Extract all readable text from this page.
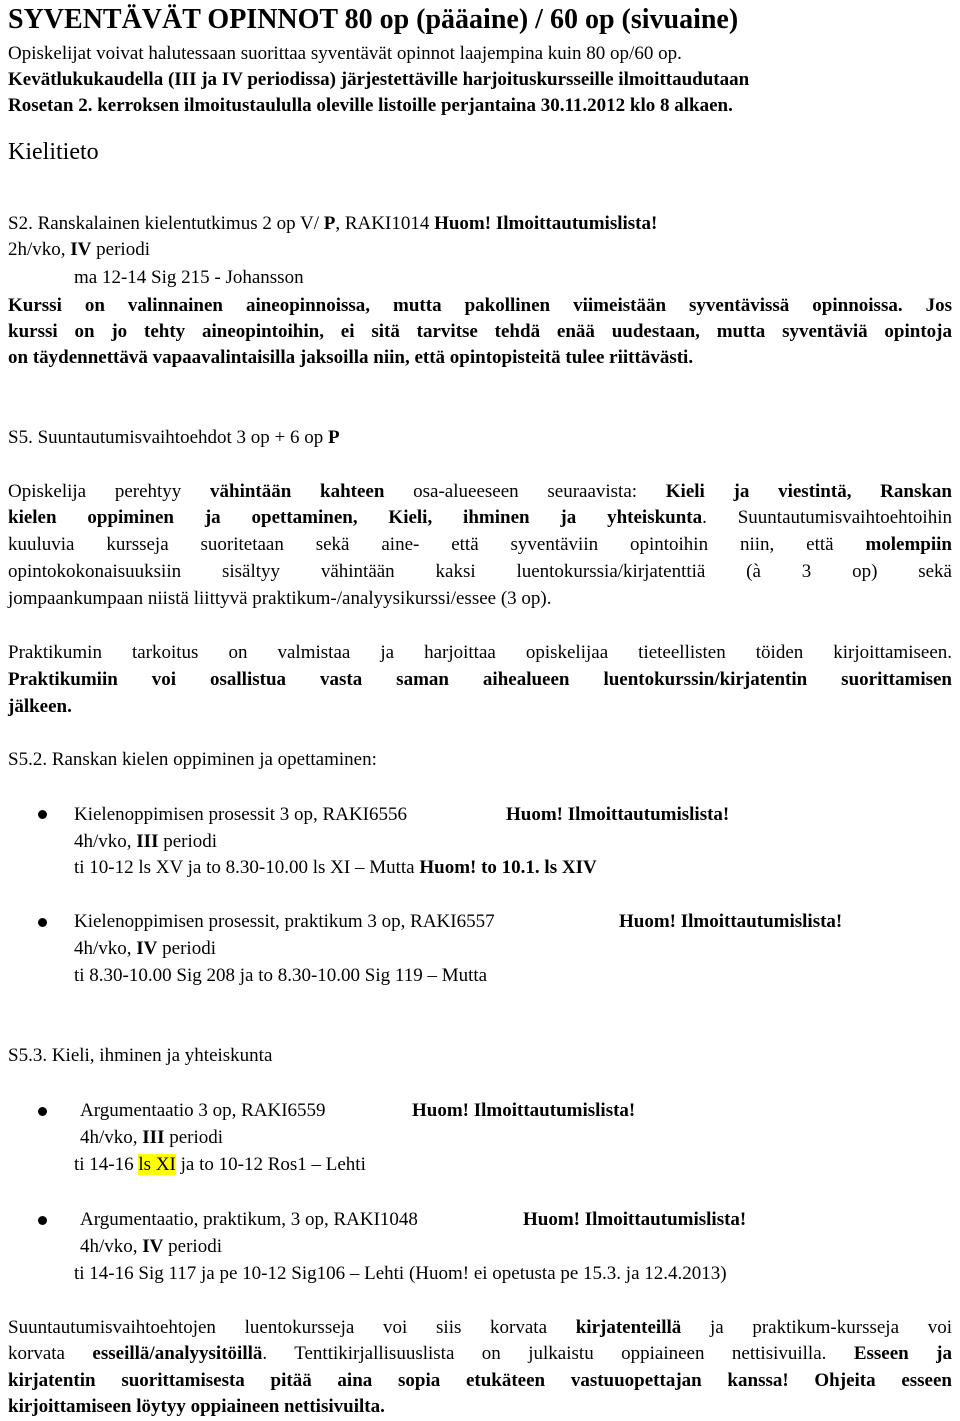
SYVENTÄVÄT OPINNOT 80 op (pääaine) / 60 op (sivuaine)
Opiskelijat voivat halutessaan suorittaa syventävät opinnot laajempina kuin 80 op/60 op.
Kevätlukukaudella (III ja IV periodissa) järjestettäville harjoituskursseille ilmoittaudutaan
Rosetan 2. kerroksen ilmoitustaululla oleville listoille perjantaina 30.11.2012 klo 8 alkaen.
Kielitieto
S2. Ranskalainen kielentutkimus 2 op V/ P, RAKI1014 Huom! Ilmoittautumislista!
2h/vko, IV periodi
ma 12-14 Sig 215 - Johansson
Kurssi on valinnainen aineopinnoissa, mutta pakollinen viimeistään syventävissä opinnoissa. Jos
kurssi on jo tehty aineopintoihin, ei sitä tarvitse tehdä enää uudestaan, mutta syventäviä opintoja
on täydennettävä vapaavalintaisilla jaksoilla niin, että opintopisteitä tulee riittävästi.
S5. Suuntautumisvaihtoehdot 3 op + 6 op P
Opiskelija perehtyy vähintään kahteen osa-alueeseen seuraavista: Kieli ja viestintä, Ranskan
kielen oppiminen ja opettaminen, Kieli, ihminen ja yhteiskunta. Suuntautumisvaihtoehtoihin
kuuluvia kursseja suoritetaan sekä aine- että syventäviin opintoihin niin, että molempiin
opintokokonaisuuksiin sisältyy vähintään kaksi luentokurssia/kirjatenttiä (à 3 op) sekä
jompaankumpaan niistä liittyvä praktikum-/analyysikurssi/essee (3 op).
Praktikumin tarkoitus on valmistaa ja harjoittaa opiskelijaa tieteellisten töiden kirjoittamiseen.
Praktikumiin voi osallistua vasta saman aihealueen luentokurssin/kirjatentin suorittamisen
jälkeen.
S5.2. Ranskan kielen oppiminen ja opettaminen:
Kielenoppimisen prosessit 3 op, RAKI6556	Huom! Ilmoittautumislista!
4h/vko, III periodi
ti 10-12 ls XV ja to 8.30-10.00 ls XI – Mutta Huom! to 10.1. ls XIV
Kielenoppimisen prosessit, praktikum 3 op, RAKI6557	Huom! Ilmoittautumislista!
4h/vko, IV periodi
ti 8.30-10.00 Sig 208 ja to 8.30-10.00 Sig 119 – Mutta
S5.3. Kieli, ihminen ja yhteiskunta
Argumentaatio 3 op, RAKI6559	Huom! Ilmoittautumislista!
4h/vko, III periodi
ti 14-16 ls XI ja to 10-12 Ros1 – Lehti
Argumentaatio, praktikum, 3 op, RAKI1048	Huom! Ilmoittautumislista!
4h/vko, IV periodi
ti 14-16 Sig 117 ja pe 10-12 Sig106 – Lehti (Huom! ei opetusta pe 15.3. ja 12.4.2013)
Suuntautumisvaihtoehtojen luentokursseja voi siis korvata kirjatenteillä ja praktikum-kursseja voi
korvata esseillä/analyysitöillä. Tenttikirjallisuuslista on julkaistu oppiaineen nettisivuilla. Esseen ja
kirjatentin suorittamisesta pitää aina sopia etukäteen vastuuopettajan kanssa! Ohjeita esseen
kirjoittamiseen löytyy oppiaineen nettisivuilta.
